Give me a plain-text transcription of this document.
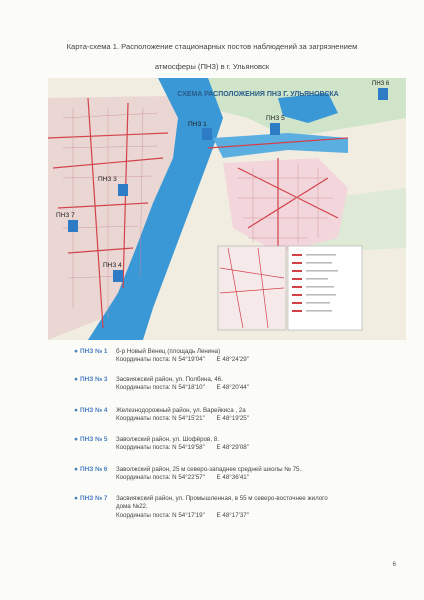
Карта-схема 1. Расположение стационарных постов наблюдений за загрязнением
атмосферы (ПНЗ) в г. Ульяновск
СХЕМА РАСПОЛОЖЕНИЯ ПНЗ Г. УЛЬЯНОВСКА
ПНЗ 1
ПНЗ 3
ПНЗ 7
ПНЗ 4
ПНЗ 5
ПНЗ 6
● ПНЗ № 1 б-р Новый Венец (площадь Ленина)
Координаты поста: N 54°19'04" E 48°24'29"
● ПНЗ № 3 Засвияжский район, ул. Полбина, 46.
Координаты поста: N 54°18'10" E 48°20'44"
● ПНЗ № 4 Железнодорожный район, ул. Варейкиса , 2а
Координаты поста: N 54°15'21" E 48°19'25"
● ПНЗ № 5 Заволжский район, ул. Шофёров, 8.
Координаты поста: N 54°19'58" E 48°29'08"
● ПНЗ № 6 Заволжский район, 25 м северо-западнее средней школы № 75.
Координаты поста: N 54°22'57" E 48°36'41"
● ПНЗ № 7 Засвияжский район, ул. Промышленная, в 55 м северо-восточнее жилого
дома №22.
Координаты поста: N 54°17'19" E 48°17'37"
6
